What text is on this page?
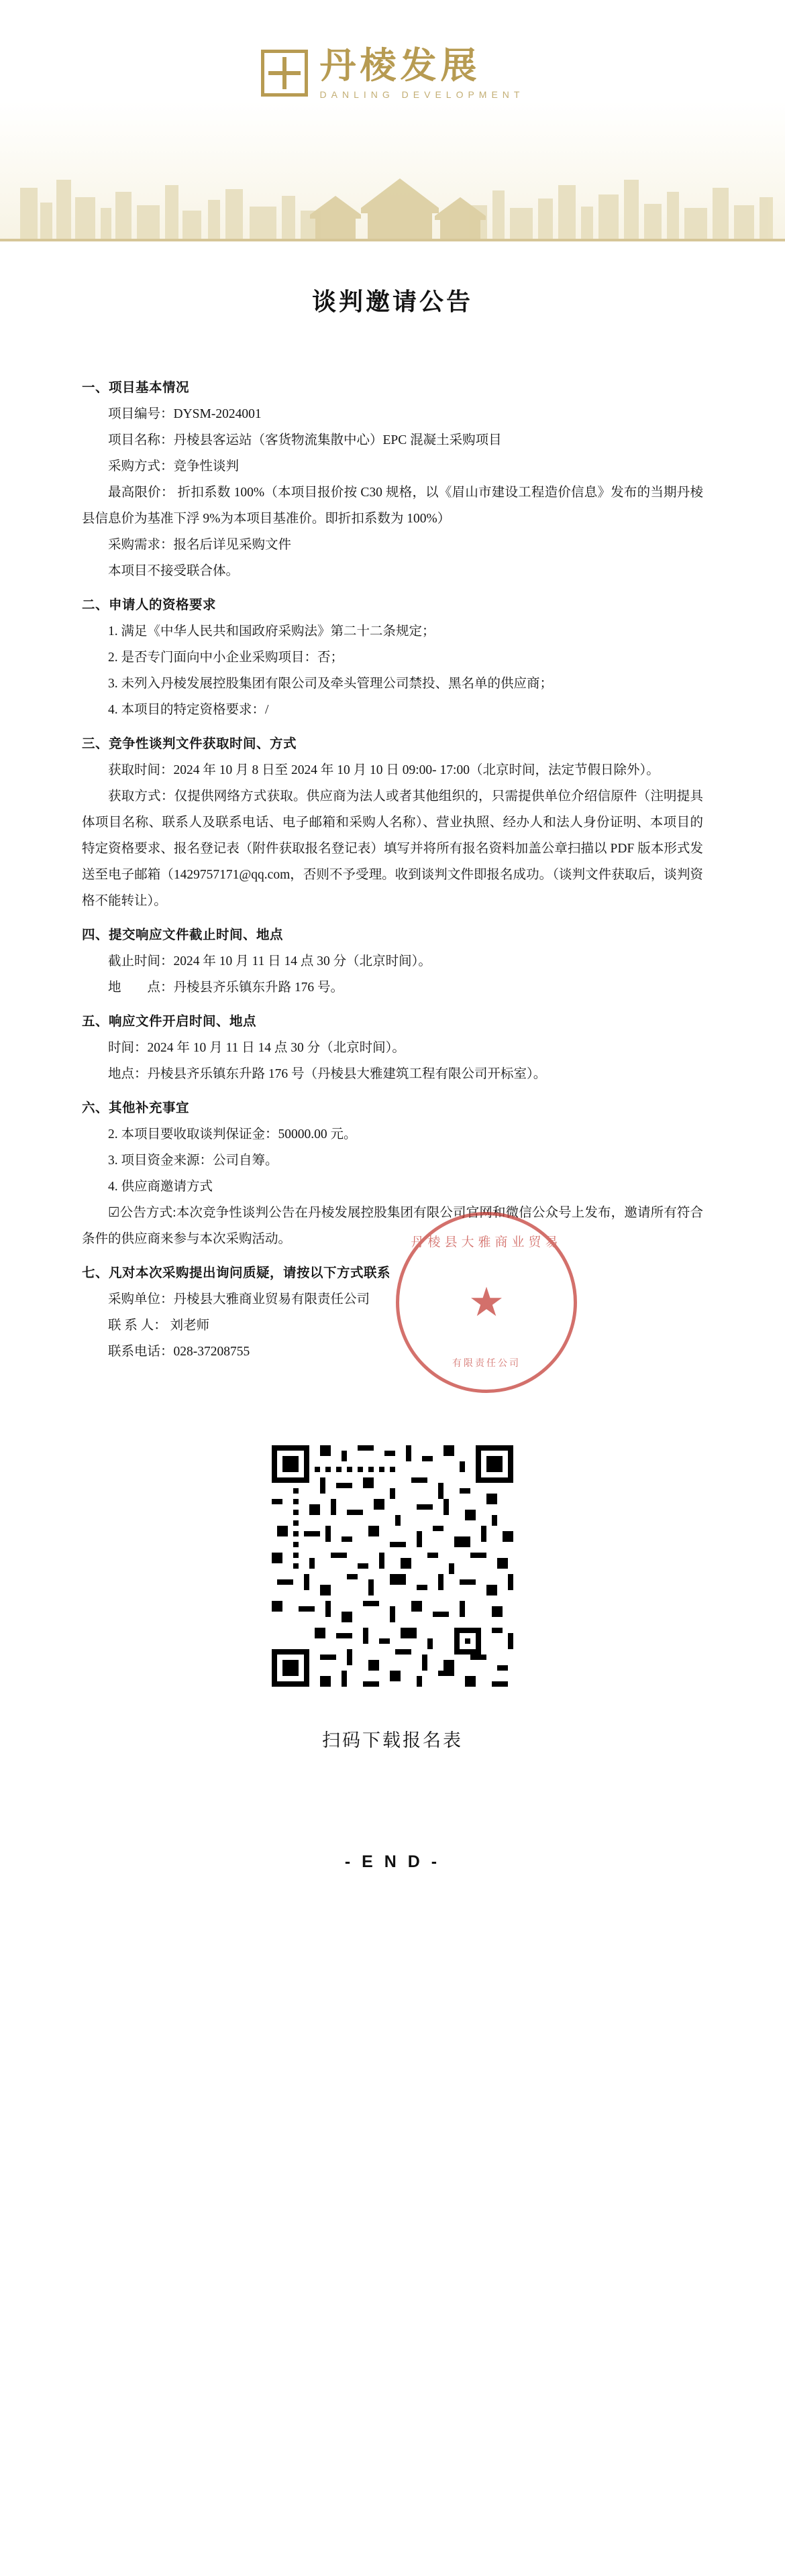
丹棱发展
DANLING DEVELOPMENT
谈判邀请公告
一、项目基本情况

项目编号：DYSM-2024001

项目名称：丹棱县客运站（客货物流集散中心）EPC 混凝土采购项目

采购方式：竞争性谈判

最高限价： 折扣系数 100%（本项目报价按 C30 规格，以《眉山市建设工程造价信息》发布的当期丹棱县信息价为基准下浮 9%为本项目基准价。即折扣系数为 100%）

采购需求：报名后详见采购文件

本项目不接受联合体。

二、申请人的资格要求

1. 满足《中华人民共和国政府采购法》第二十二条规定；

2. 是否专门面向中小企业采购项目：否；

3. 未列入丹棱发展控股集团有限公司及牵头管理公司禁投、黑名单的供应商；

4. 本项目的特定资格要求：/

三、竞争性谈判文件获取时间、方式

获取时间：2024 年 10 月 8 日至 2024 年 10 月 10 日 09:00- 17:00（北京时间，法定节假日除外）。

获取方式：仅提供网络方式获取。供应商为法人或者其他组织的，只需提供单位介绍信原件（注明提具体项目名称、联系人及联系电话、电子邮箱和采购人名称）、营业执照、经办人和法人身份证明、本项目的特定资格要求、报名登记表（附件获取报名登记表）填写并将所有报名资料加盖公章扫描以 PDF 版本形式发送至电子邮箱（1429757171@qq.com，否则不予受理。收到谈判文件即报名成功。（谈判文件获取后，谈判资格不能转让）。

四、提交响应文件截止时间、地点

截止时间：2024 年 10 月 11 日 14 点 30 分（北京时间）。

地　　点：丹棱县齐乐镇东升路 176 号。

五、响应文件开启时间、地点

时间：2024 年 10 月 11 日 14 点 30 分（北京时间）。

地点：丹棱县齐乐镇东升路 176 号（丹棱县大雅建筑工程有限公司开标室）。

六、其他补充事宜

2. 本项目要收取谈判保证金：50000.00 元。

3. 项目资金来源：公司自筹。

4. 供应商邀请方式

☑公告方式:本次竞争性谈判公告在丹棱发展控股集团有限公司官网和微信公众号上发布，邀请所有符合条件的供应商来参与本次采购活动。

七、凡对本次采购提出询问质疑，请按以下方式联系

采购单位：丹棱县大雅商业贸易有限责任公司

联 系 人： 刘老师

联系电话：028-37208755

丹棱县大雅商业贸易
★
有限责任公司
扫码下载报名表
- E N D -
